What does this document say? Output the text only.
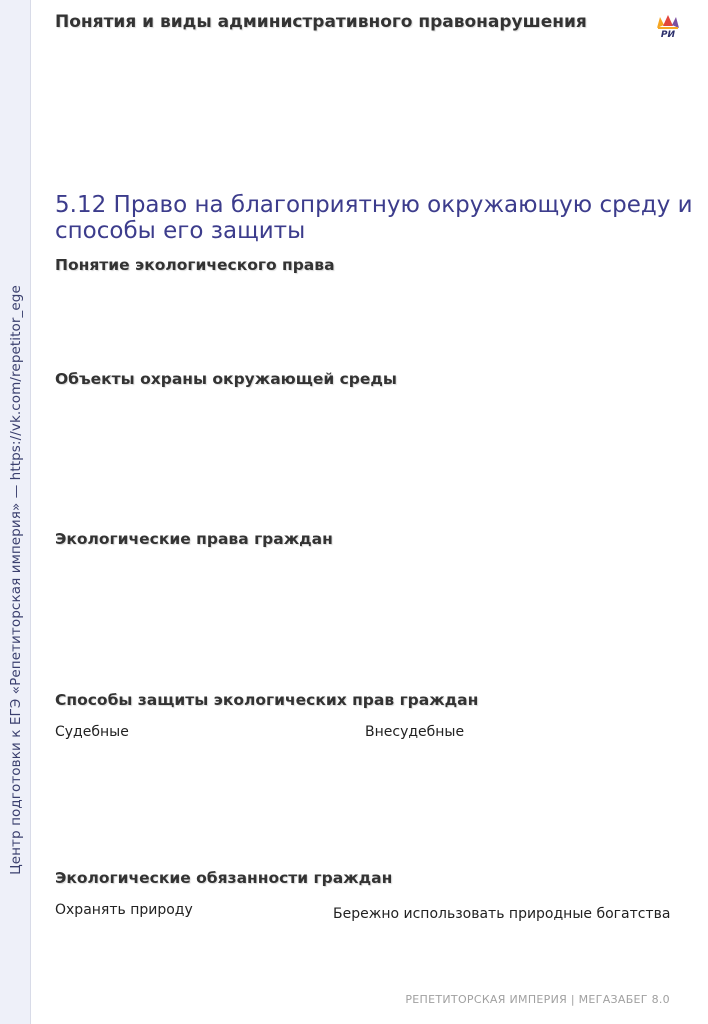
Центр подготовки к ЕГЭ «Репетиторская империя» — https://vk.com/repetitor_ege
Понятия и виды административного правонарушения
РИ
5.12 Право на благоприятную окружающую среду и способы его защиты
Понятие экологического права
Объекты охраны окружающей среды
Экологические права граждан
Способы защиты экологических прав граждан
Судебные	Внесудебные
Экологические обязанности граждан
Охранять природу	Бережно использовать природные богатства
РЕПЕТИТОРСКАЯ ИМПЕРИЯ | МЕГАЗАБЕГ 8.0
